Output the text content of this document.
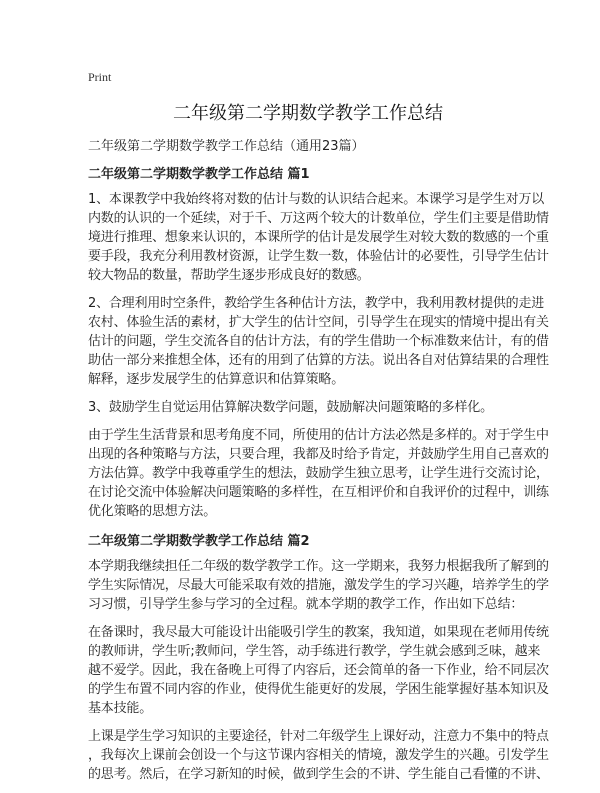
Print
二年级第二学期数学教学工作总结
二年级第二学期数学教学工作总结（通用23篇）
二年级第二学期数学教学工作总结 篇1
1、本课教学中我始终将对数的估计与数的认识结合起来。本课学习是学生对万以
内数的认识的一个延续，对于千、万这两个较大的计数单位，学生们主要是借助情
境进行推理、想象来认识的，本课所学的估计是发展学生对较大数的数感的一个重
要手段，我充分利用教材资源，让学生数一数，体验估计的必要性，引导学生估计
较大物品的数量，帮助学生逐步形成良好的数感。
2、合理利用时空条件，教给学生各种估计方法，教学中，我利用教材提供的走进
农村、体验生活的素材，扩大学生的估计空间，引导学生在现实的情境中提出有关
估计的问题，学生交流各自的估计方法，有的学生借助一个标准数来估计，有的借
助估一部分来推想全体，还有的用到了估算的方法。说出各自对估算结果的合理性
解释，逐步发展学生的估算意识和估算策略。
3、鼓励学生自觉运用估算解决数学问题，鼓励解决问题策略的多样化。
由于学生生活背景和思考角度不同，所使用的估计方法必然是多样的。对于学生中
出现的各种策略与方法，只要合理，我都及时给予肯定，并鼓励学生用自己喜欢的
方法估算。教学中我尊重学生的想法，鼓励学生独立思考，让学生进行交流讨论，
在讨论交流中体验解决问题策略的多样性，在互相评价和自我评价的过程中，训练
优化策略的思想方法。
二年级第二学期数学教学工作总结 篇2
本学期我继续担任二年级的数学教学工作。这一学期来，我努力根据我所了解到的
学生实际情况，尽最大可能采取有效的措施，激发学生的学习兴趣，培养学生的学
习习惯，引导学生参与学习的全过程。就本学期的教学工作，作出如下总结：
在备课时，我尽最大可能设计出能吸引学生的教案，我知道，如果现在老师用传统
的教师讲，学生听;教师问，学生答，动手练进行教学，学生就会感到乏味，越来
越不爱学。因此，我在备晚上可得了内容后，还会简单的备一下作业，给不同层次
的学生布置不同内容的作业，使得优生能更好的发展，学困生能掌握好基本知识及
基本技能。
上课是学生学习知识的主要途径，针对二年级学生上课好动，注意力不集中的特点
，我每次上课前会创设一个与这节课内容相关的情境，激发学生的兴趣。引发学生
的思考。然后，在学习新知的时候，做到学生会的不讲、学生能自己看懂的不讲、
